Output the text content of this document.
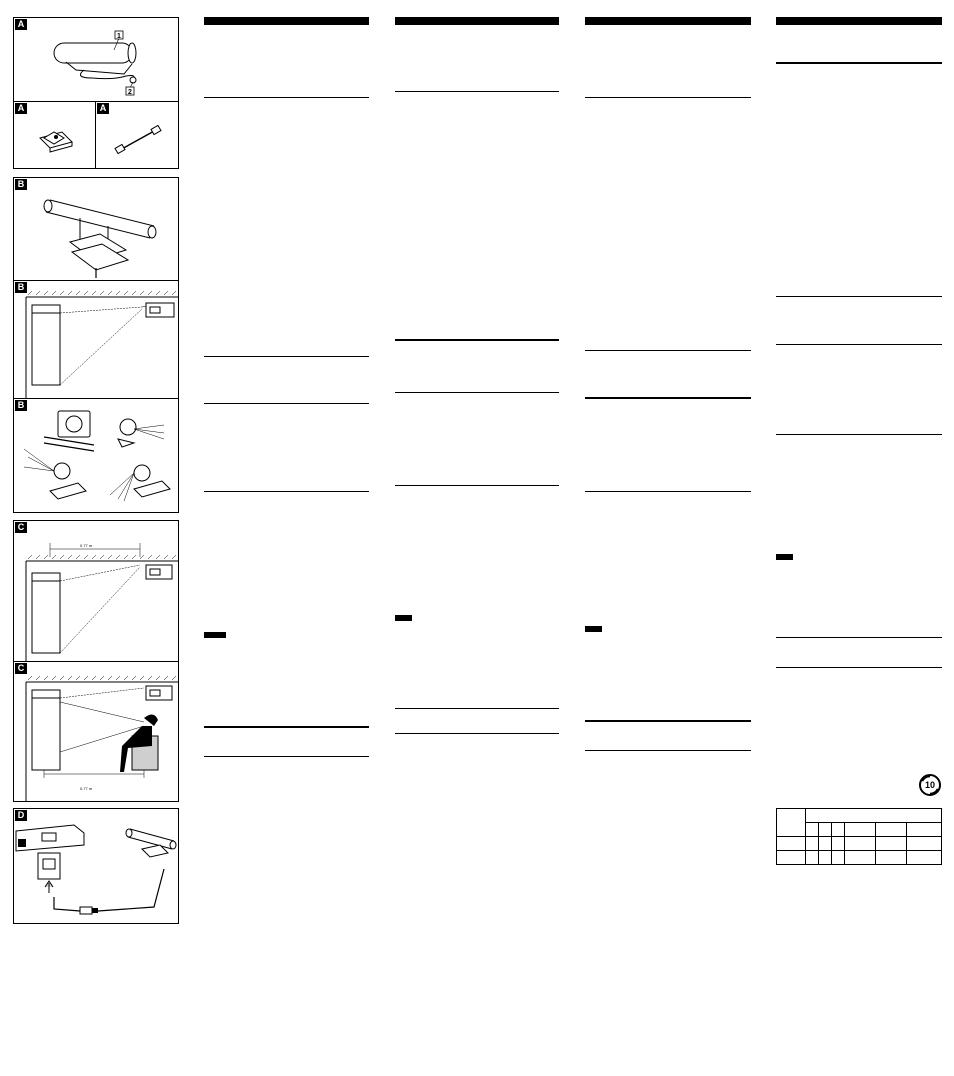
A
1
2
A	A
B
B
B
C
0.77 m
C
0.77 m
D
10
